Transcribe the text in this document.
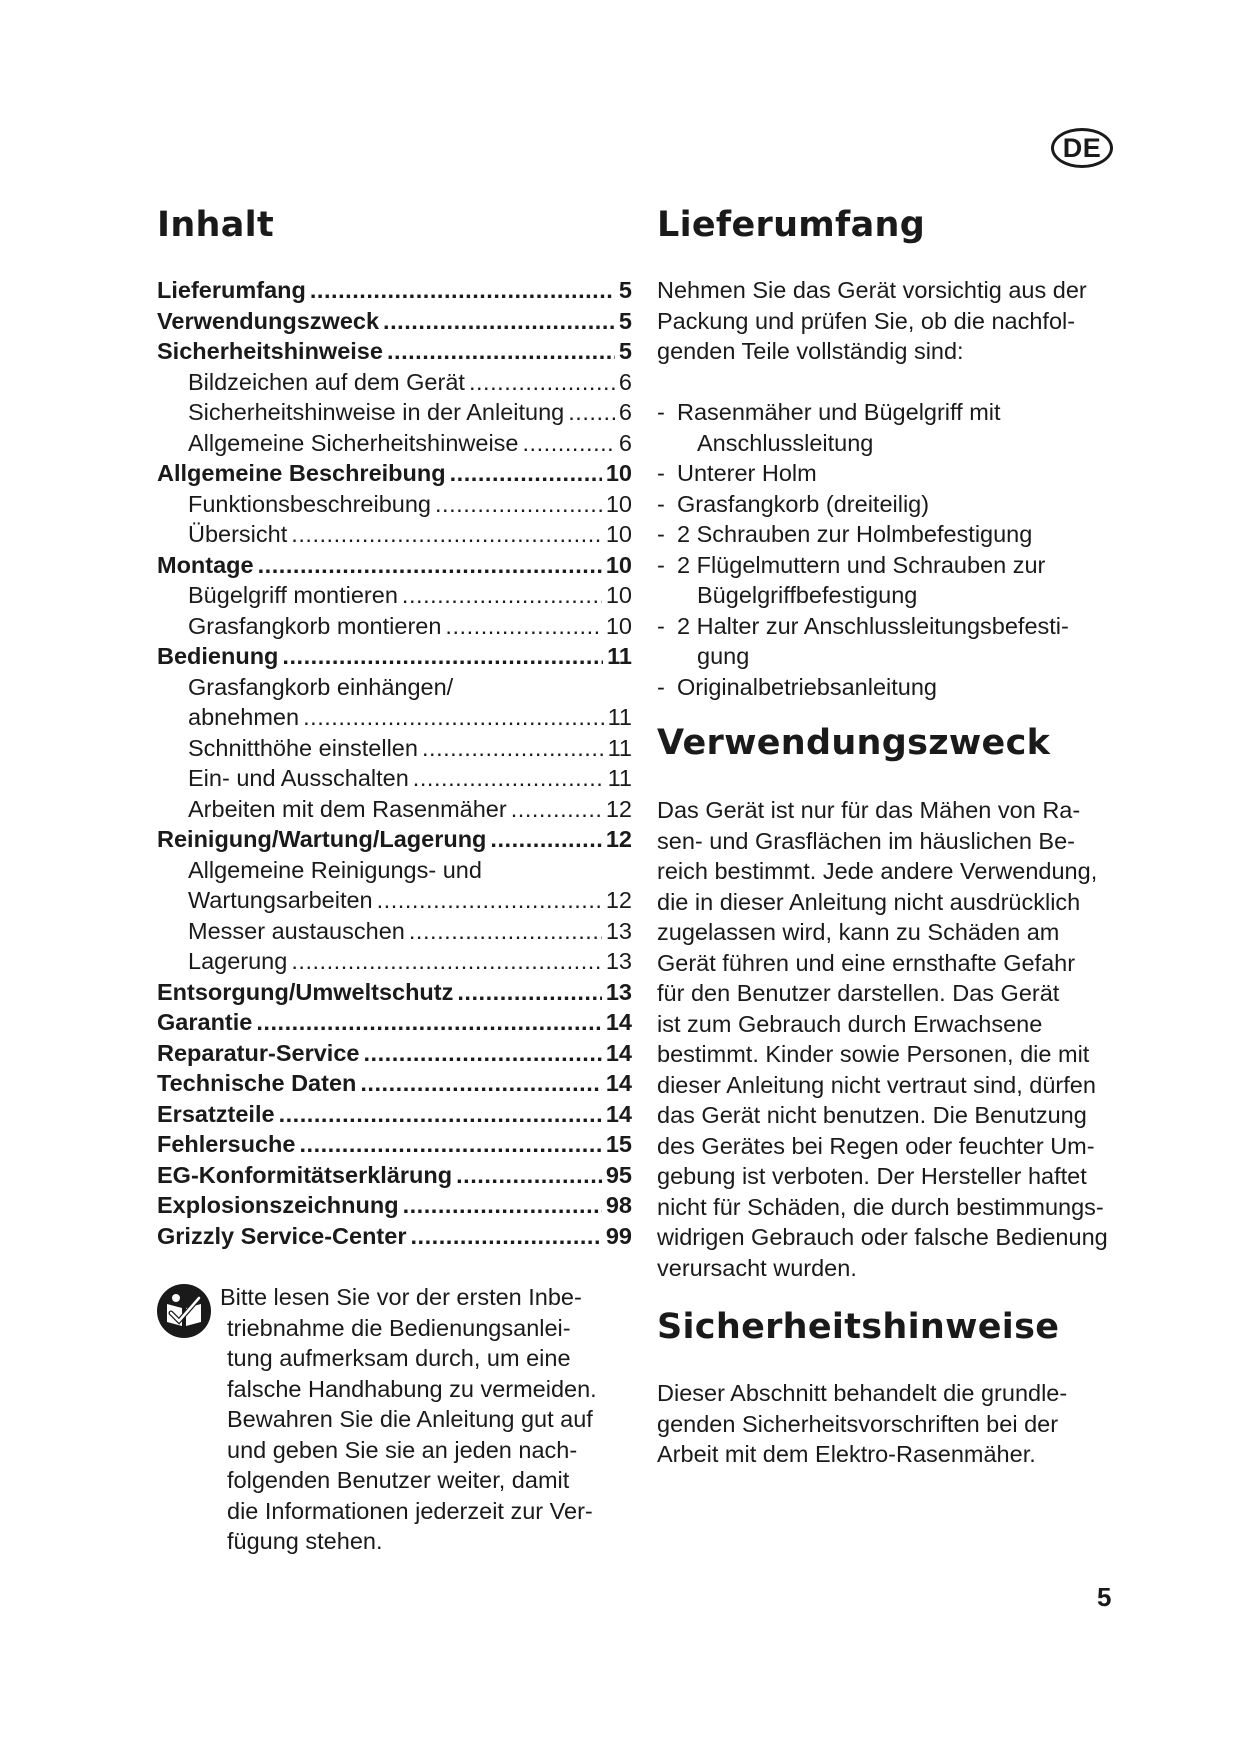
DE
Inhalt
Lieferumfang . . .	5
Verwendungszweck . . .	5
Sicherheitshinweise . . .	5
Bildzeichen auf dem Gerät . . .	6
Sicherheitshinweise in der Anleitung . . . 6
Allgemeine Sicherheitshinweise . . .	6
Allgemeine Beschreibung . . .	10
Funktionsbeschreibung . . .	10
Übersicht . . .	10
Montage . . .	10
Bügelgriff montieren . . .	10
Grasfangkorb montieren . . .	10
Bedienung . . .	11
Grasfangkorb einhängen/
abnehmen . . .	11
Schnitthöhe einstellen . . .	11
Ein- und Ausschalten . . .	11
Arbeiten mit dem Rasenmäher . . .	12
Reinigung/Wartung/Lagerung . . .	12
Allgemeine Reinigungs- und
Wartungsarbeiten . . .	12
Messer austauschen . . .	13
Lagerung . . .	13
Entsorgung/Umweltschutz . . .	13
Garantie . . .	14
Reparatur-Service . . .	14
Technische Daten . . .	14
Ersatzteile . . .	14
Fehlersuche . . .	15
EG-Konformitätserklärung . . .	95
Explosionszeichnung . . .	98
Grizzly Service-Center . . .	99
Bitte lesen Sie vor der ersten Inbe-
triebnahme die Bedienungsanlei-
tung aufmerksam durch, um eine
falsche Handhabung zu vermeiden.
Bewahren Sie die Anleitung gut auf
und geben Sie sie an jeden nach-
folgenden Benutzer weiter, damit
die Informationen jederzeit zur Ver-
fügung stehen.
Lieferumfang
Nehmen Sie das Gerät vorsichtig aus der
Packung und prüfen Sie, ob die nachfol-
genden Teile vollständig sind:
- Rasenmäher und Bügelgriff mit
Anschlussleitung
- Unterer Holm
- Grasfangkorb (dreiteilig)
- 2 Schrauben zur Holmbefestigung
- 2 Flügelmuttern und Schrauben zur
Bügelgriffbefestigung
- 2 Halter zur Anschlussleitungsbefesti-
gung
- Originalbetriebsanleitung
Verwendungszweck
Das Gerät ist nur für das Mähen von Ra-
sen- und Grasflächen im häuslichen Be-
reich bestimmt. Jede andere Verwendung,
die in dieser Anleitung nicht ausdrücklich
zugelassen wird, kann zu Schäden am
Gerät führen und eine ernsthafte Gefahr
für den Benutzer darstellen. Das Gerät
ist zum Gebrauch durch Erwachsene
bestimmt. Kinder sowie Personen, die mit
dieser Anleitung nicht vertraut sind, dürfen
das Gerät nicht benutzen. Die Benutzung
des Gerätes bei Regen oder feuchter Um-
gebung ist verboten. Der Hersteller haftet
nicht für Schäden, die durch bestimmungs-
widrigen Gebrauch oder falsche Bedienung
verursacht wurden.
Sicherheitshinweise
Dieser Abschnitt behandelt die grundle-
genden Sicherheitsvorschriften bei der
Arbeit mit dem Elektro-Rasenmäher.
5
